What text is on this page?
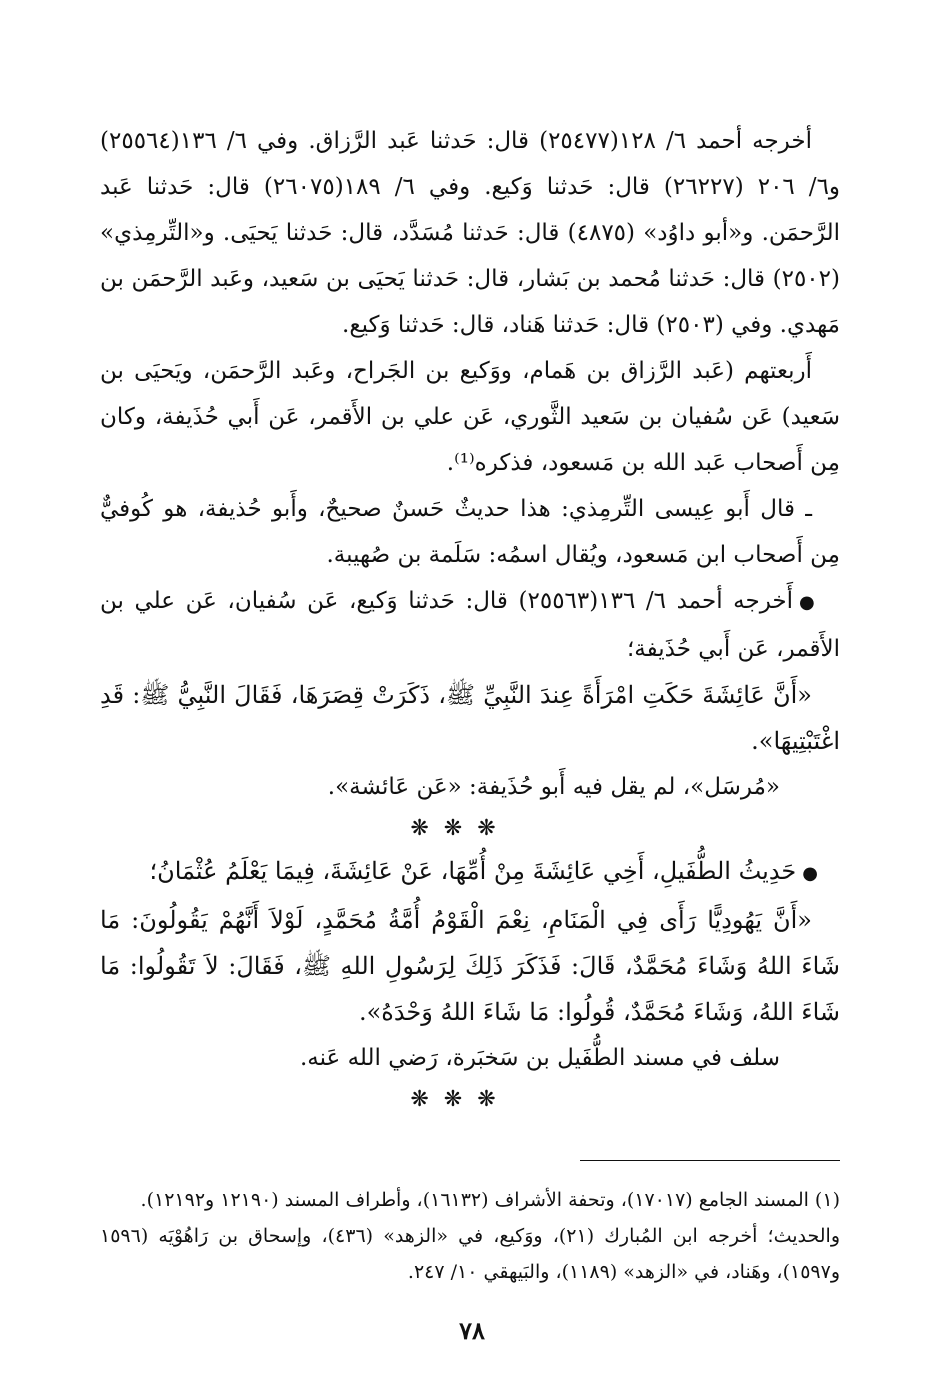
أخرجه أحمد ٦/ ١٢٨(٢٥٤٧٧) قال: حَدثنا عَبد الرَّزاق. وفي ٦/ ١٣٦(٢٥٥٦٤) و٦/ ٢٠٦ (٢٦٢٢٧) قال: حَدثنا وَكيع. وفي ٦/ ١٨٩(٢٦٠٧٥) قال: حَدثنا عَبد الرَّحمَن. و«أبو داوُد» (٤٨٧٥) قال: حَدثنا مُسَدَّد، قال: حَدثنا يَحيَى. و«التِّرمِذي» (٢٥٠٢) قال: حَدثنا مُحمد بن بَشار، قال: حَدثنا يَحيَى بن سَعيد، وعَبد الرَّحمَن بن مَهدي. وفي (٢٥٠٣) قال: حَدثنا هَناد، قال: حَدثنا وَكيع.

أَربعتهم (عَبد الرَّزاق بن هَمام، ووَكيع بن الجَراح، وعَبد الرَّحمَن، ويَحيَى بن سَعيد) عَن سُفيان بن سَعيد الثَّوري، عَن علي بن الأَقمر، عَن أَبي حُذَيفة، وكان مِن أَصحاب عَبد الله بن مَسعود، فذكره⁽¹⁾.

ـ قال أَبو عِيسى التِّرمِذي: هذا حديثٌ حَسنٌ صحيحٌ، وأَبو حُذيفة، هو كُوفيٌّ مِن أَصحاب ابن مَسعود، ويُقال اسمُه: سَلَمة بن صُهيبة.

●أَخرجه أحمد ٦/ ١٣٦(٢٥٥٦٣) قال: حَدثنا وَكيع، عَن سُفيان، عَن علي بن الأَقمر، عَن أَبي حُذَيفة؛

«أَنَّ عَائِشَةَ حَكَتِ امْرَأَةً عِندَ النَّبِيِّ ﷺ، ذَكَرَتْ قِصَرَهَا، فَقَالَ النَّبِيُّ ﷺ: قَدِ اغْتَبْتِيهَا».

«مُرسَل»، لم يقل فيه أَبو حُذَيفة: «عَن عَائشة».

❋ ❋ ❋

●حَدِيثُ الطُّفَيلِ، أَخِي عَائِشَةَ مِنْ أُمِّهَا، عَنْ عَائِشَةَ، فِيمَا يَعْلَمُ عُثْمَانُ؛

«أَنَّ يَهُودِيًّا رَأَى فِي الْمَنَامِ، نِعْمَ الْقَوْمُ أُمَّةُ مُحَمَّدٍ، لَوْلاَ أَنَّهُمْ يَقُولُونَ: مَا شَاءَ اللهُ وَشَاءَ مُحَمَّدٌ، قَالَ: فَذَكَرَ ذَلِكَ لِرَسُولِ اللهِ ﷺ، فَقَالَ: لاَ تَقُولُوا: مَا شَاءَ اللهُ، وَشَاءَ مُحَمَّدٌ، قُولُوا: مَا شَاءَ اللهُ وَحْدَهُ».

سلف في مسند الطُّفَيل بن سَخبَرة، رَضي الله عَنه.

❋ ❋ ❋

(١) المسند الجامع (١٧٠١٧)، وتحفة الأشراف (١٦١٣٢)، وأطراف المسند (١٢١٩٠ و١٢١٩٢).

والحديث؛ أخرجه ابن المُبارك (٢١)، ووَكيع، في «الزهد» (٤٣٦)، وإسحاق بن رَاهُوْيَه (١٥٩٦ و١٥٩٧)، وهَناد، في «الزهد» (١١٨٩)، والبَيهقي ١٠/ ٢٤٧.

٧٨
